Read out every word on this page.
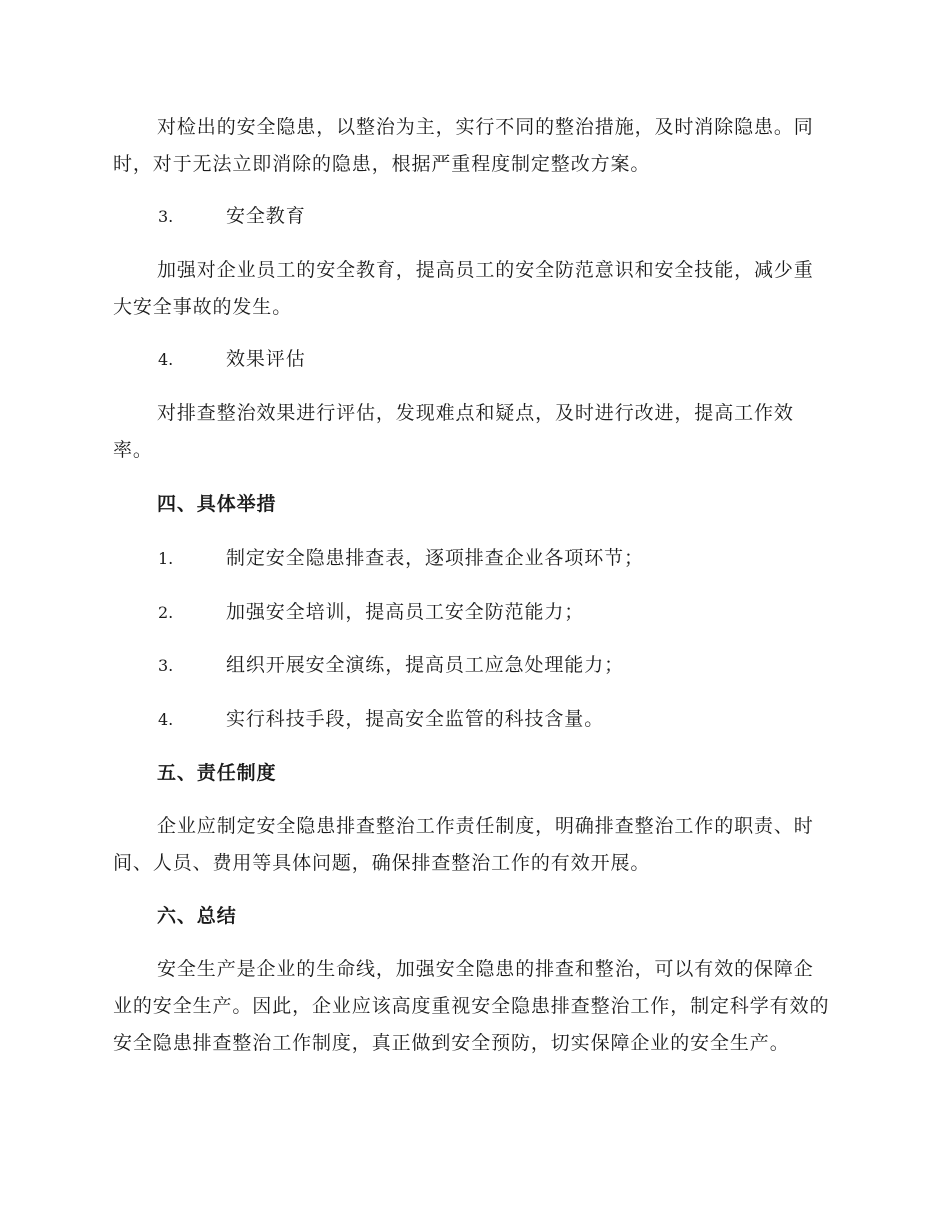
对检出的安全隐患，以整治为主，实行不同的整治措施，及时消除隐患。同时，对于无法立即消除的隐患，根据严重程度制定整改方案。

3.	安全教育

加强对企业员工的安全教育，提高员工的安全防范意识和安全技能，减少重大安全事故的发生。

4.	效果评估

对排查整治效果进行评估，发现难点和疑点，及时进行改进，提高工作效率。

四、具体举措

1.	制定安全隐患排查表，逐项排查企业各项环节；
2.	加强安全培训，提高员工安全防范能力；
3.	组织开展安全演练，提高员工应急处理能力；
4.	实行科技手段，提高安全监管的科技含量。

五、责任制度

企业应制定安全隐患排查整治工作责任制度，明确排查整治工作的职责、时间、人员、费用等具体问题，确保排查整治工作的有效开展。

六、总结

安全生产是企业的生命线，加强安全隐患的排查和整治，可以有效的保障企业的安全生产。因此，企业应该高度重视安全隐患排查整治工作，制定科学有效的安全隐患排查整治工作制度，真正做到安全预防，切实保障企业的安全生产。
